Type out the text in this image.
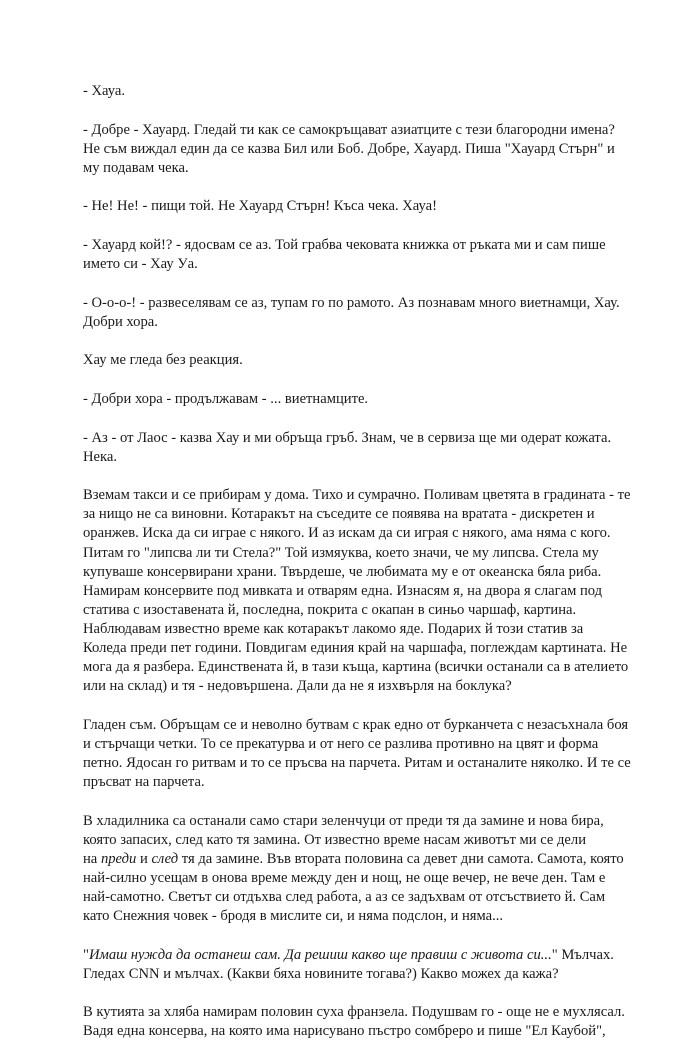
- Хауа.

- Добре - Хауард. Гледай ти как се самокръщават азиатците с тези благородни имена?
Не съм виждал един да се казва Бил или Боб. Добре, Хауард. Пиша "Хауард Стърн" и
му подавам чека.

- Не! Не! - пищи той. Не Хауард Стърн! Къса чека. Хауа!

- Хауард кой!? - ядосвам се аз. Той грабва чековата книжка от ръката ми и сам пише
името си - Хау Уа.

- О-о-о-! - развеселявам се аз, тупам го по рамото. Аз познавам много виетнамци, Хау.
Добри хора.

Хау ме гледа без реакция.

- Добри хора - продължавам - ... виетнамците.

- Аз - от Лаос - казва Хау и ми обръща гръб. Знам, че в сервиза ще ми одерат кожата.
Нека.

Вземам такси и се прибирам у дома. Тихо и сумрачно. Поливам цветята в градината - те
за нищо не са виновни. Котаракът на съседите се появява на вратата - дискретен и
оранжев. Иска да си играе с някого. И аз искам да си играя с някого, ама няма с кого.
Питам го "липсва ли ти Стела?" Той измяуква, което значи, че му липсва. Стела му
купуваше консервирани храни. Твърдеше, че любимата му е от океанска бяла риба.
Намирам консервите под мивката и отварям една. Изнасям я, на двора я слагам под
статива с изоставената й, последна, покрита с окапан в синьо чаршаф, картина.
Наблюдавам известно време как котаракът лакомо яде. Подарих й този статив за
Коледа преди пет години. Повдигам единия край на чаршафа, поглеждам картината. Не
мога да я разбера. Единствената й, в тази къща, картина (всички останали са в ателието
или на склад) и тя - недовършена. Дали да не я изхвърля на боклука?

Гладен съм. Обръщам се и неволно бутвам с крак едно от бурканчета с незасъхнала боя
и стърчащи четки. То се прекатурва и от него се разлива противно на цвят и форма
петно. Ядосан го ритвам и то се пръсва на парчета. Ритам и останалите няколко. И те се
пръсват на парчета.

В хладилника са останали само стари зеленчуци от преди тя да замине и нова бира,
която запасих, след като тя замина. От известно време насам животът ми се дели

на преди и след тя да замине. Във втората половина са девет дни самота. Самота, която
най-силно усещам в онова време между ден и нощ, не още вечер, не вече ден. Там е
най-самотно. Светът си отдъхва след работа, а аз се задъхвам от отсъствието й. Сам
като Снежния човек - бродя в мислите си, и няма подслон, и няма...

"Имаш нужда да останеш сам. Да решиш какво ще правиш с живота си..." Мълчах.
Гледах CNN и мълчах. (Какви бяха новините тогава?) Какво можех да кажа?

В кутията за хляба намирам половин суха франзела. Подушвам го - още не е мухлясал.
Вадя една консерва, на която има нарисувано пъстро сомбреро и пише "Ел Каубой",
